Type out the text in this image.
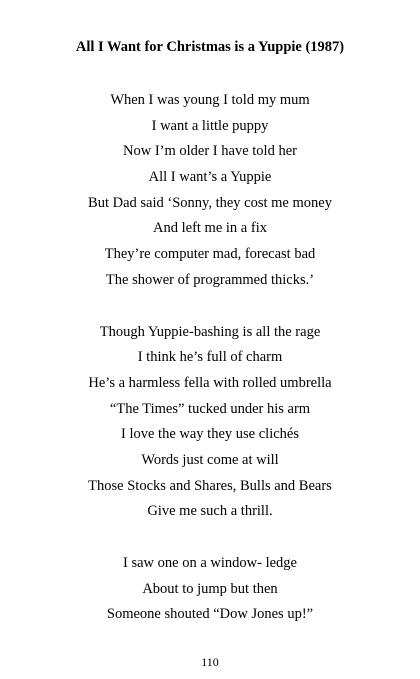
All I Want for Christmas is a Yuppie (1987)
When I was young I told my mum
I want a little puppy
Now I’m older I have told her
All I want’s a Yuppie
But Dad said ‘Sonny, they cost me money
And left me in a fix
They’re computer mad, forecast bad
The shower of programmed thicks.’
Though Yuppie-bashing is all the rage
I think he’s full of charm
He’s a harmless fella with rolled umbrella
“The Times” tucked under his arm
I love the way they use clichés
Words just come at will
Those Stocks and Shares, Bulls and Bears
Give me such a thrill.
I saw one on a window- ledge
About to jump but then
Someone shouted “Dow Jones up!”
110
